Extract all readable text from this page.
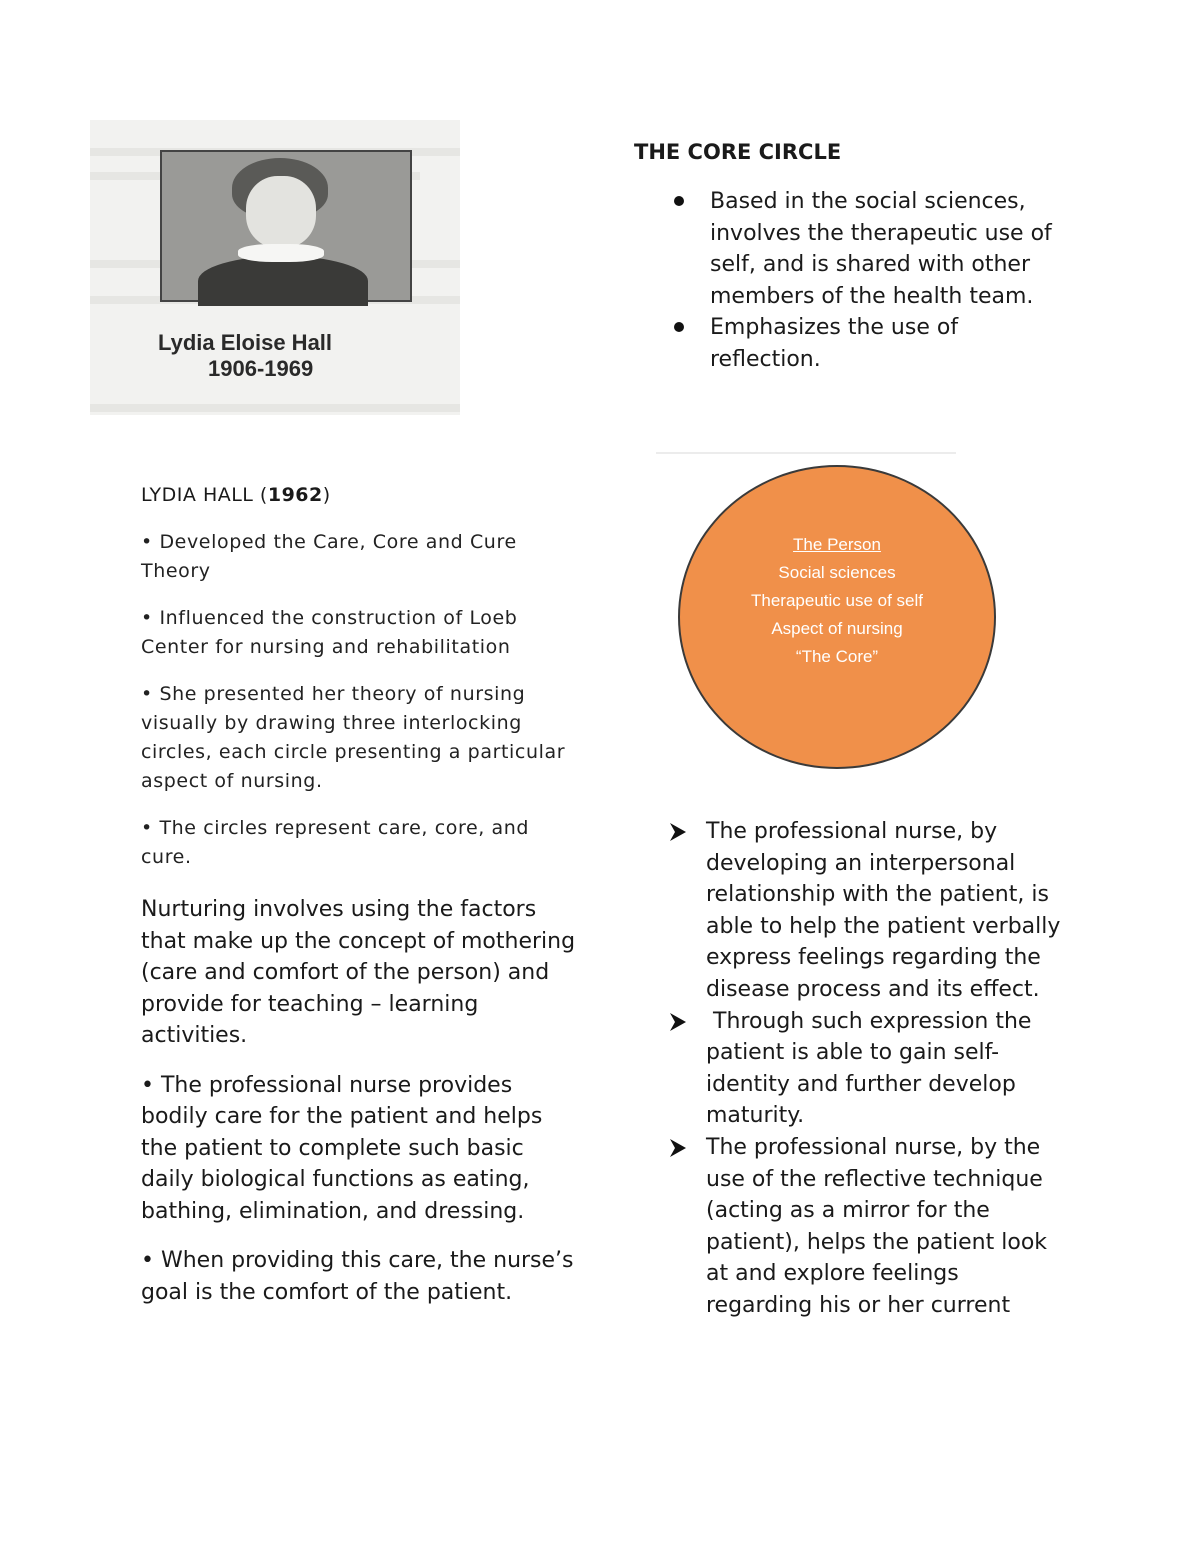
Lydia Eloise Hall
1906-1969
LYDIA HALL (1962)
• Developed the Care, Core and Cure Theory
• Influenced the construction of Loeb Center for nursing and rehabilitation
• She presented her theory of nursing visually by drawing three interlocking circles, each circle presenting a particular aspect of nursing.
• The circles represent care, core, and cure.
Nurturing involves using the factors that make up the concept of mothering (care and comfort of the person) and provide for teaching – learning activities.
• The professional nurse provides bodily care for the patient and helps the patient to complete such basic daily biological functions as eating, bathing, elimination, and dressing.
• When providing this care, the nurse’s goal is the comfort of the patient.
THE CORE CIRCLE
Based in the social sciences, involves the therapeutic use of self, and is shared with other members of the health team.
Emphasizes the use of reflection.
The Person
Social sciences
Therapeutic use of self
Aspect of nursing
“The Core”
The professional nurse, by developing an interpersonal relationship with the patient, is able to help the patient verbally express feelings regarding the disease process and its effect.
Through such expression the patient is able to gain self-identity and further develop maturity.
The professional nurse, by the use of the reflective technique (acting as a mirror for the patient), helps the patient look at and explore feelings regarding his or her current
